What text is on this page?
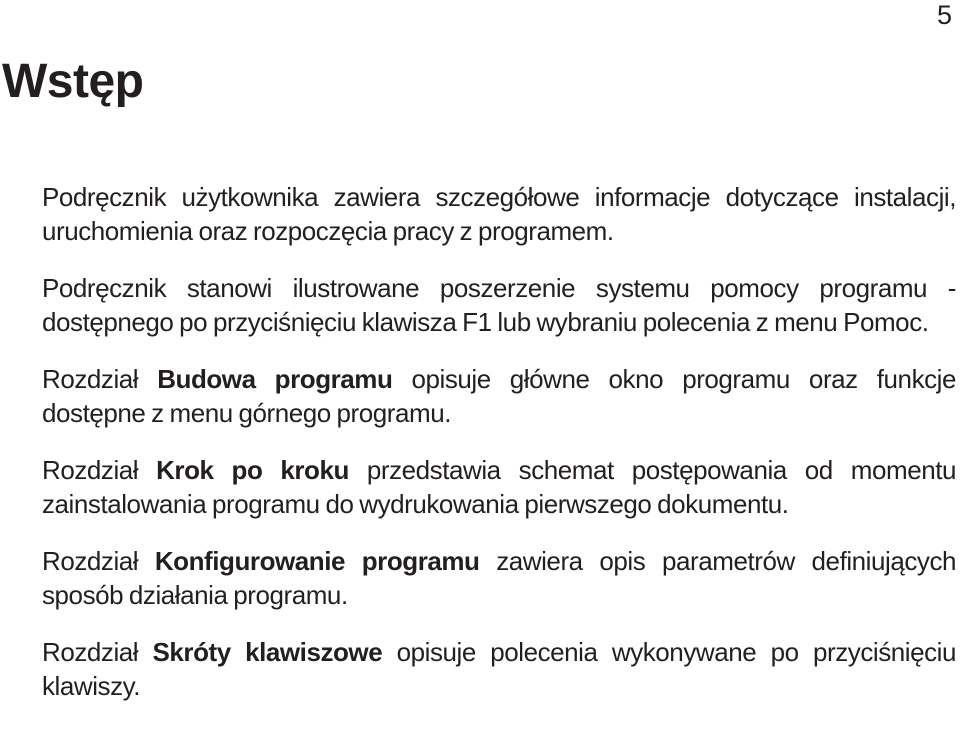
5
Wstęp

Podręcznik użytkownika zawiera szczegółowe informacje dotyczące instalacji, uruchomienia oraz rozpoczęcia pracy z programem.

Podręcznik stanowi ilustrowane poszerzenie systemu pomocy programu - dostępnego po przyciśnięciu klawisza F1 lub wybraniu polecenia z menu Pomoc.

Rozdział Budowa programu opisuje główne okno programu oraz funkcje dostępne z menu górnego programu.

Rozdział Krok po kroku przedstawia schemat postępowania od momentu zainstalowania programu do wydrukowania pierwszego dokumentu.

Rozdział Konfigurowanie programu zawiera opis parametrów definiujących sposób działania programu.

Rozdział Skróty klawiszowe opisuje polecenia wykonywane po przyciśnięciu klawiszy.
